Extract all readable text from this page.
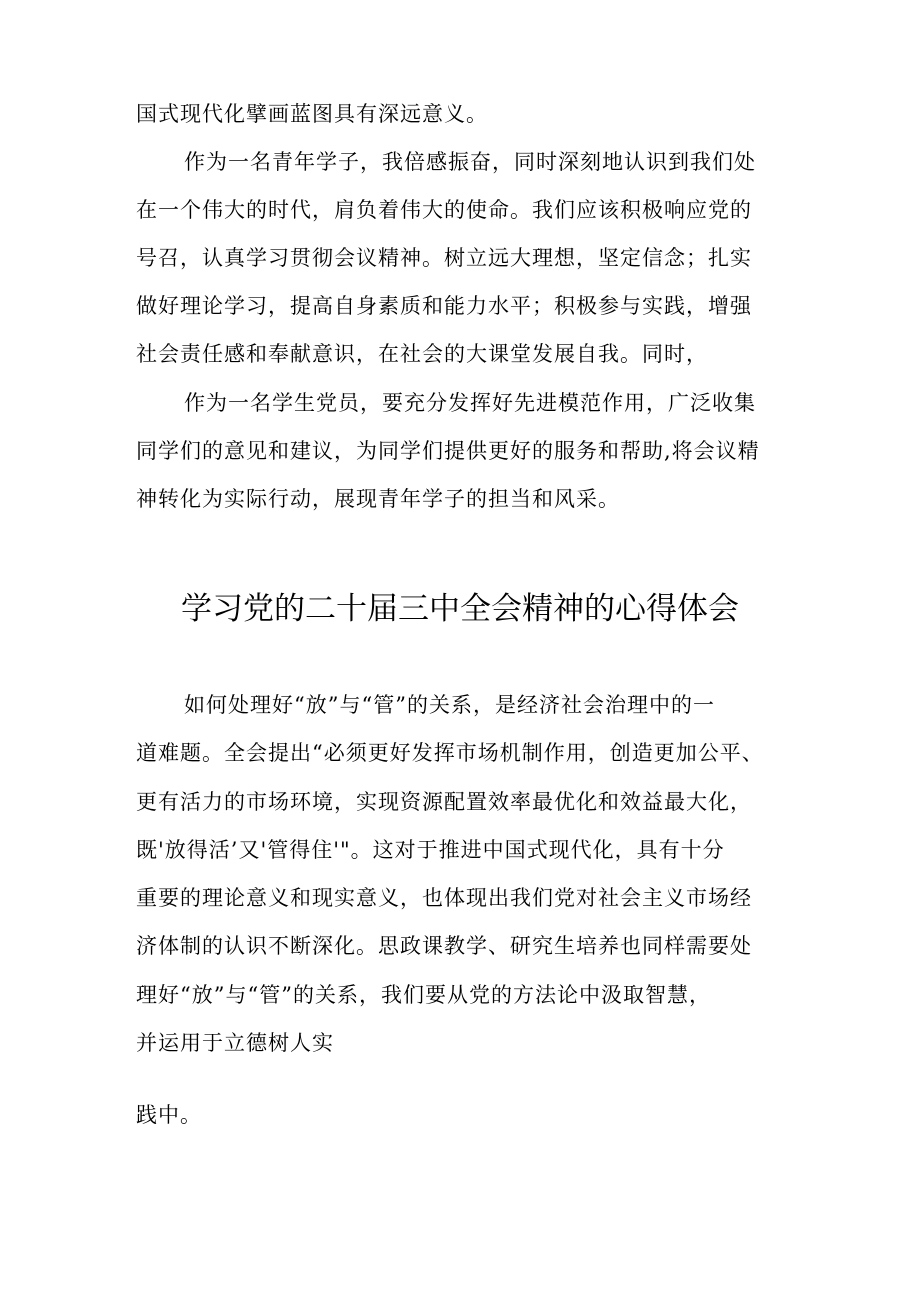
国式现代化擘画蓝图具有深远意义。
作为一名青年学子，我倍感振奋，同时深刻地认识到我们处
在一个伟大的时代，肩负着伟大的使命。我们应该积极响应党的
号召，认真学习贯彻会议精神。树立远大理想，坚定信念；扎实
做好理论学习，提高自身素质和能力水平；积极参与实践，增强
社会责任感和奉献意识，在社会的大课堂发展自我。同时，
作为一名学生党员，要充分发挥好先进模范作用，广泛收集
同学们的意见和建议，为同学们提供更好的服务和帮助,将会议精
神转化为实际行动，展现青年学子的担当和风采。
学习党的二十届三中全会精神的心得体会
如何处理好“放”与“管”的关系，是经济社会治理中的一
道难题。全会提出“必须更好发挥市场机制作用，创造更加公平、
更有活力的市场环境，实现资源配置效率最优化和效益最大化，
既'放得活’又'管得住'"。这对于推进中国式现代化，具有十分
重要的理论意义和现实意义，也体现出我们党对社会主义市场经
济体制的认识不断深化。思政课教学、研究生培养也同样需要处
理好“放”与“管”的关系，我们要从党的方法论中汲取智慧，
并运用于立德树人实
践中。
